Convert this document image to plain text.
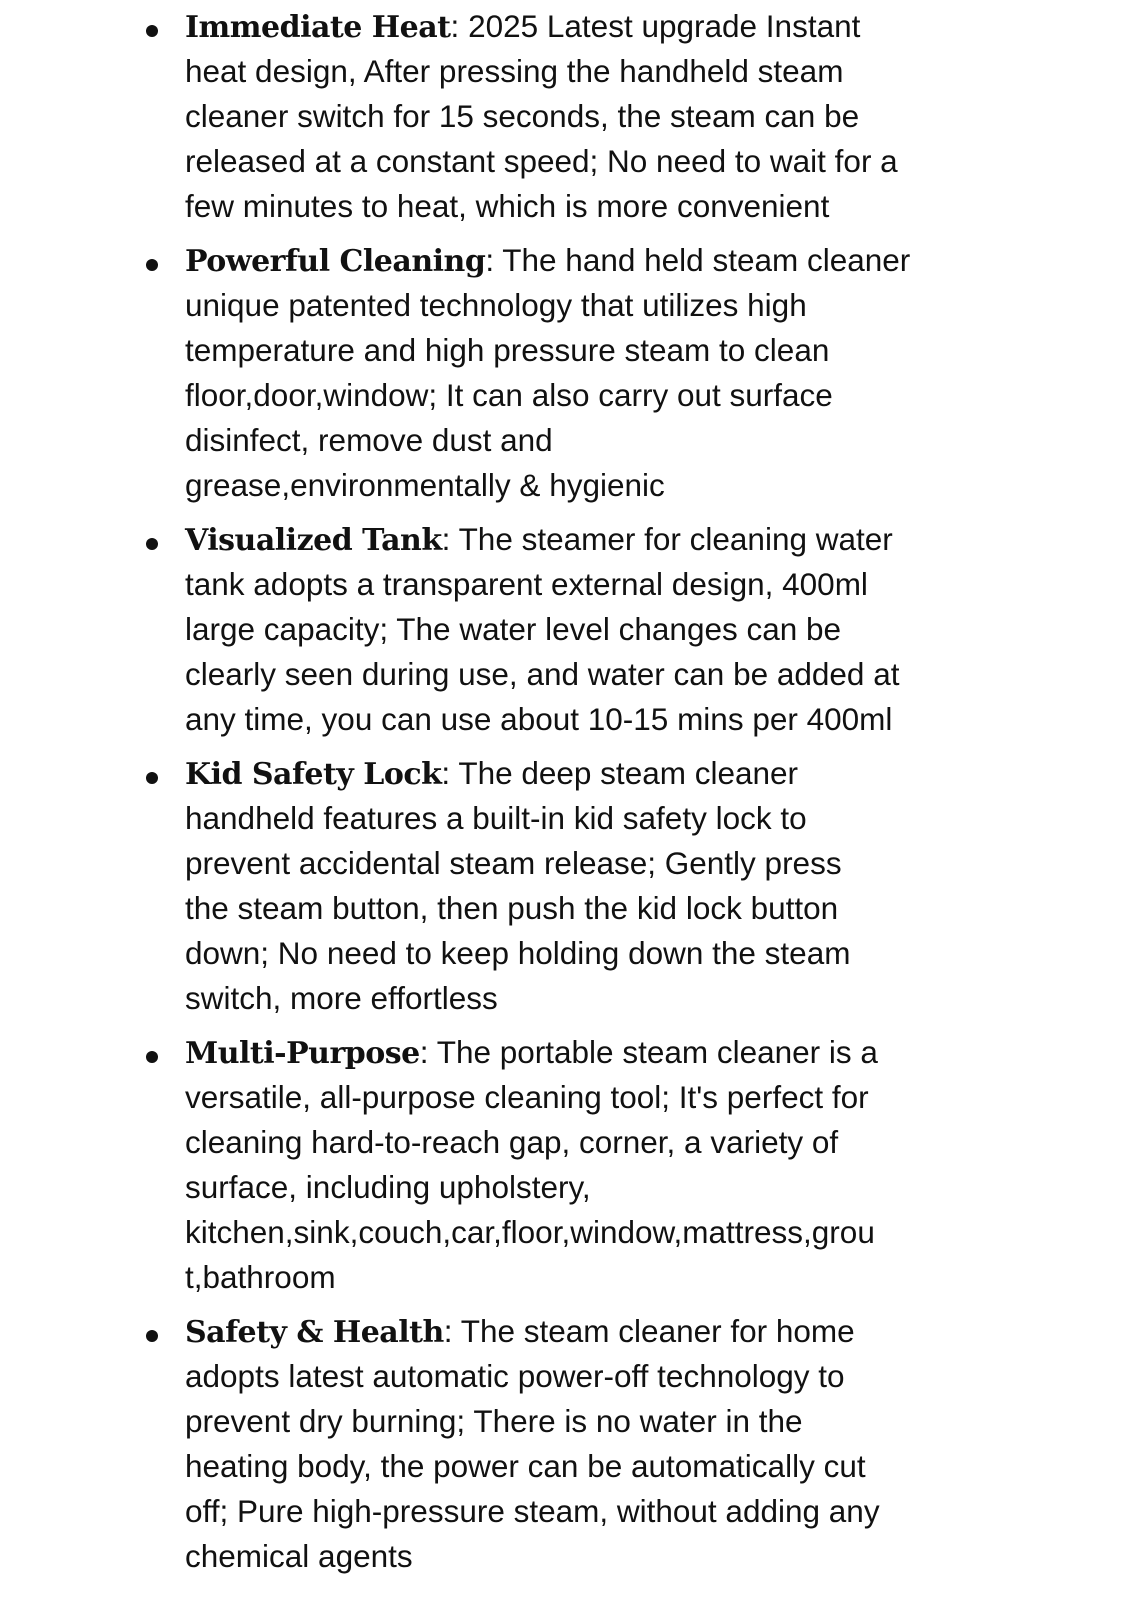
Immediate Heat: 2025 Latest upgrade Instant
heat design, After pressing the handheld steam
cleaner switch for 15 seconds, the steam can be
released at a constant speed; No need to wait for a
few minutes to heat, which is more convenient

Powerful Cleaning: The hand held steam cleaner
unique patented technology that utilizes high
temperature and high pressure steam to clean
floor,door,window; It can also carry out surface
disinfect, remove dust and
grease,environmentally & hygienic

Visualized Tank: The steamer for cleaning water
tank adopts a transparent external design, 400ml
large capacity; The water level changes can be
clearly seen during use, and water can be added at
any time, you can use about 10-15 mins per 400ml

Kid Safety Lock: The deep steam cleaner
handheld features a built-in kid safety lock to
prevent accidental steam release; Gently press
the steam button, then push the kid lock button
down; No need to keep holding down the steam
switch, more effortless

Multi-Purpose: The portable steam cleaner is a
versatile, all-purpose cleaning tool; It's perfect for
cleaning hard-to-reach gap, corner, a variety of
surface, including upholstery,
kitchen,sink,couch,car,floor,window,mattress,grou
t,bathroom

Safety & Health: The steam cleaner for home
adopts latest automatic power-off technology to
prevent dry burning; There is no water in the
heating body, the power can be automatically cut
off; Pure high-pressure steam, without adding any
chemical agents
